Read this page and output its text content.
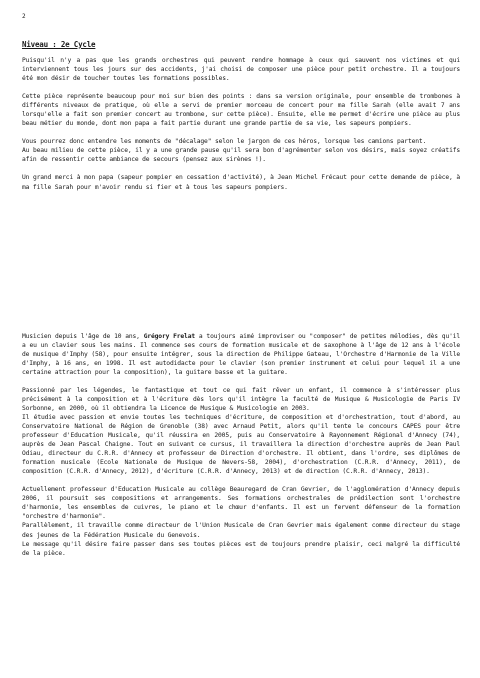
2
Niveau : 2e Cycle

Puisqu'il n'y a pas que les grands orchestres qui peuvent rendre hommage à ceux qui sauvent nos victimes et qui interviennent tous les jours sur des accidents, j'ai choisi de composer une pièce pour petit orchestre. Il a toujours été mon désir de toucher toutes les formations possibles.

Cette pièce représente beaucoup pour moi sur bien des points : dans sa version originale, pour ensemble de trombones à différents niveaux de pratique, où elle a servi de premier morceau de concert pour ma fille Sarah (elle avait 7 ans lorsqu'elle a fait son premier concert au trombone, sur cette pièce). Ensuite, elle me permet d'écrire une pièce au plus beau métier du monde, dont mon papa a fait partie durant une grande partie de sa vie, les sapeurs pompiers.

Vous pourrez donc entendre les moments de "décalage" selon le jargon de ces héros, lorsque les camions partent.

Au beau milieu de cette pièce, il y a une grande pause qu'il sera bon d'agrémenter selon vos désirs, mais soyez créatifs afin de ressentir cette ambiance de secours (pensez aux sirènes !).

Un grand merci à mon papa (sapeur pompier en cessation d'activité), à Jean Michel Frécaut pour cette demande de pièce, à ma fille Sarah pour m'avoir rendu si fier et à tous les sapeurs pompiers.

Musicien depuis l'âge de 10 ans, Grégory Frelat a toujours aimé improviser ou "composer" de petites mélodies, dès qu'il a eu un clavier sous les mains. Il commence ses cours de formation musicale et de saxophone à l'âge de 12 ans à l'école de musique d'Imphy (58), pour ensuite intégrer, sous la direction de Philippe Gateau, l'Orchestre d'Harmonie de la Ville d'Imphy, à 16 ans, en 1998. Il est autodidacte pour le clavier (son premier instrument et celui pour lequel il a une certaine attraction pour la composition), la guitare basse et la guitare.

Passionné par les légendes, le fantastique et tout ce qui fait rêver un enfant, il commence à s'intéresser plus précisément à la composition et à l'écriture dès lors qu'il intègre la faculté de Musique & Musicologie de Paris IV Sorbonne, en 2000, où il obtiendra la Licence de Musique & Musicologie en 2003.

Il étudie avec passion et envie toutes les techniques d'écriture, de composition et d'orchestration, tout d'abord, au Conservatoire National de Région de Grenoble (38) avec Arnaud Petit, alors qu'il tente le concours CAPES pour être professeur d'Education Musicale, qu'il réussira en 2005, puis au Conservatoire à Rayonnement Régional d'Annecy (74), auprès de Jean Pascal Chaigne. Tout en suivant ce cursus, il travaillera la direction d'orchestre auprès de Jean Paul Odiau, directeur du C.R.R. d'Annecy et professeur de Direction d'orchestre. Il obtient, dans l'ordre, ses diplômes de formation musicale (Ecole Nationale de Musique de Nevers-58, 2004), d'orchestration (C.R.R. d'Annecy, 2011), de composition (C.R.R. d'Annecy, 2012), d'écriture (C.R.R. d'Annecy, 2013) et de direction (C.R.R. d'Annecy, 2013).

Actuellement professeur d'Education Musicale au collège Beauregard de Cran Gevrier, de l'agglomération d'Annecy depuis 2006, il poursuit ses compositions et arrangements. Ses formations orchestrales de prédilection sont l'orchestre d'harmonie, les ensembles de cuivres, le piano et le chœur d'enfants. Il est un fervent défenseur de la formation "orchestre d'harmonie".

Parallèlement, il travaille comme directeur de l'Union Musicale de Cran Gevrier mais également comme directeur du stage des jeunes de la Fédération Musicale du Genevois.

Le message qu'il désire faire passer dans ses toutes pièces est de toujours prendre plaisir, ceci malgré la difficulté de la pièce.
